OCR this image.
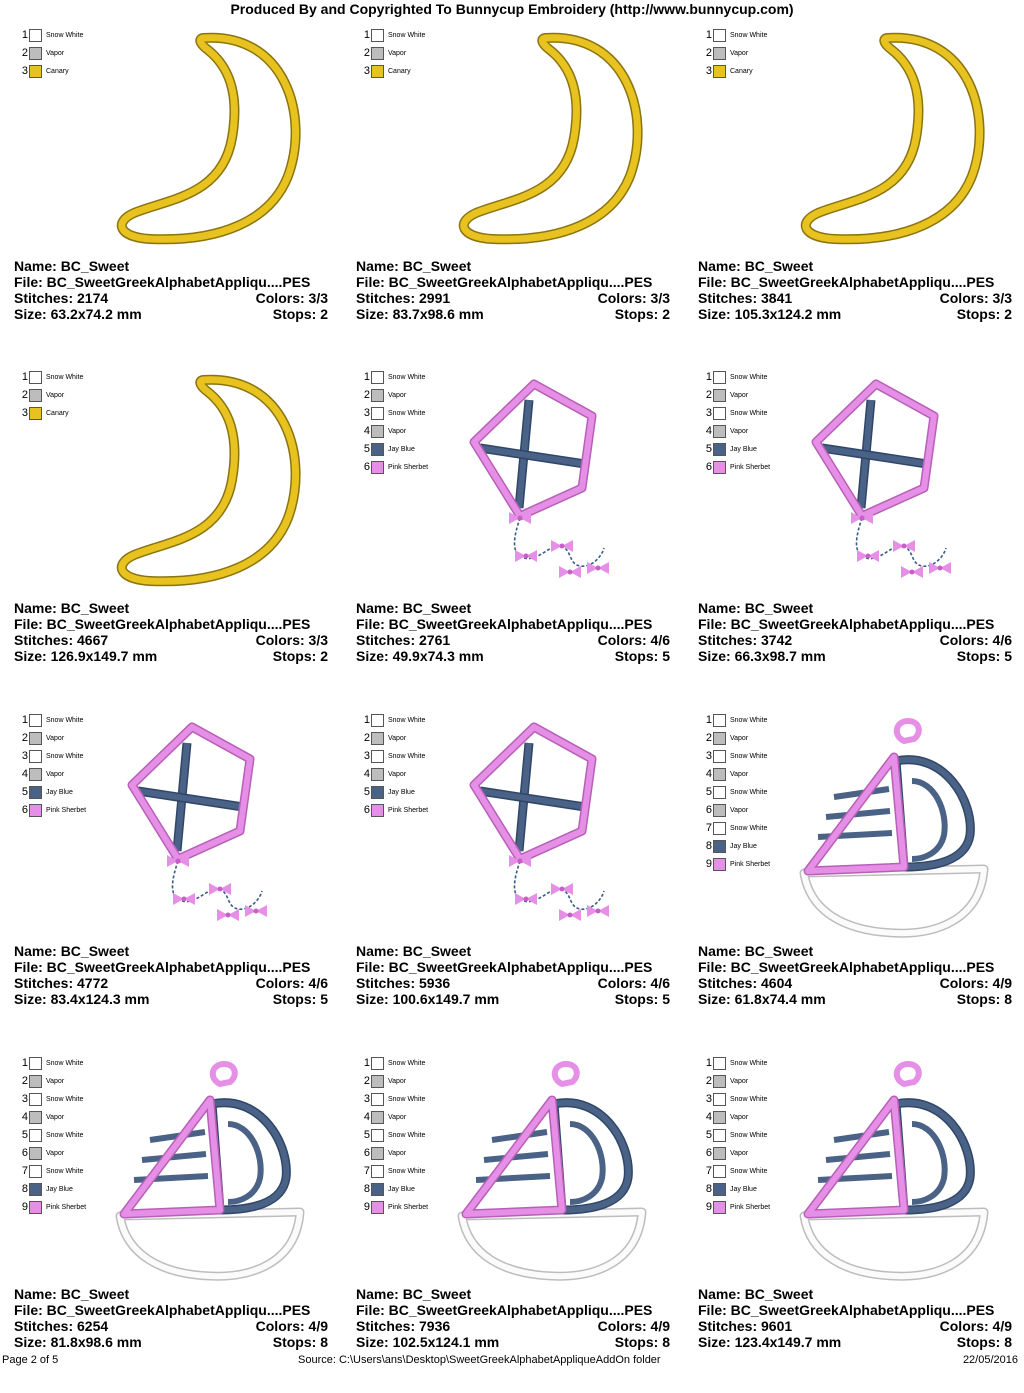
Produced By and Copyrighted To Bunnycup Embroidery (http://www.bunnycup.com)
1	Snow White
2	Vapor
3	Canary
Name: BC_Sweet
File: BC_SweetGreekAlphabetAppliqu....PES
Stitches: 2174	Colors: 3/3
Size: 63.2x74.2 mm	Stops: 2
1	Snow White
2	Vapor
3	Canary
Name: BC_Sweet
File: BC_SweetGreekAlphabetAppliqu....PES
Stitches: 2991	Colors: 3/3
Size: 83.7x98.6 mm	Stops: 2
1	Snow White
2	Vapor
3	Canary
Name: BC_Sweet
File: BC_SweetGreekAlphabetAppliqu....PES
Stitches: 3841	Colors: 3/3
Size: 105.3x124.2 mm	Stops: 2
1	Snow White
2	Vapor
3	Canary
Name: BC_Sweet
File: BC_SweetGreekAlphabetAppliqu....PES
Stitches: 4667	Colors: 3/3
Size: 126.9x149.7 mm	Stops: 2
1	Snow White
2	Vapor
3	Snow White
4	Vapor
5	Jay Blue
6	Pink Sherbet
Name: BC_Sweet
File: BC_SweetGreekAlphabetAppliqu....PES
Stitches: 2761	Colors: 4/6
Size: 49.9x74.3 mm	Stops: 5
1	Snow White
2	Vapor
3	Snow White
4	Vapor
5	Jay Blue
6	Pink Sherbet
Name: BC_Sweet
File: BC_SweetGreekAlphabetAppliqu....PES
Stitches: 3742	Colors: 4/6
Size: 66.3x98.7 mm	Stops: 5
1	Snow White
2	Vapor
3	Snow White
4	Vapor
5	Jay Blue
6	Pink Sherbet
Name: BC_Sweet
File: BC_SweetGreekAlphabetAppliqu....PES
Stitches: 4772	Colors: 4/6
Size: 83.4x124.3 mm	Stops: 5
1	Snow White
2	Vapor
3	Snow White
4	Vapor
5	Jay Blue
6	Pink Sherbet
Name: BC_Sweet
File: BC_SweetGreekAlphabetAppliqu....PES
Stitches: 5936	Colors: 4/6
Size: 100.6x149.7 mm	Stops: 5
1	Snow White
2	Vapor
3	Snow White
4	Vapor
5	Snow White
6	Vapor
7	Snow White
8	Jay Blue
9	Pink Sherbet
Name: BC_Sweet
File: BC_SweetGreekAlphabetAppliqu....PES
Stitches: 4604	Colors: 4/9
Size: 61.8x74.4 mm	Stops: 8
1	Snow White
2	Vapor
3	Snow White
4	Vapor
5	Snow White
6	Vapor
7	Snow White
8	Jay Blue
9	Pink Sherbet
Name: BC_Sweet
File: BC_SweetGreekAlphabetAppliqu....PES
Stitches: 6254	Colors: 4/9
Size: 81.8x98.6 mm	Stops: 8
1	Snow White
2	Vapor
3	Snow White
4	Vapor
5	Snow White
6	Vapor
7	Snow White
8	Jay Blue
9	Pink Sherbet
Name: BC_Sweet
File: BC_SweetGreekAlphabetAppliqu....PES
Stitches: 7936	Colors: 4/9
Size: 102.5x124.1 mm	Stops: 8
1	Snow White
2	Vapor
3	Snow White
4	Vapor
5	Snow White
6	Vapor
7	Snow White
8	Jay Blue
9	Pink Sherbet
Name: BC_Sweet
File: BC_SweetGreekAlphabetAppliqu....PES
Stitches: 9601	Colors: 4/9
Size: 123.4x149.7 mm	Stops: 8
Page 2 of 5	Source: C:\Users\ans\Desktop\SweetGreekAlphabetAppliqueAddOn folder	22/05/2016
